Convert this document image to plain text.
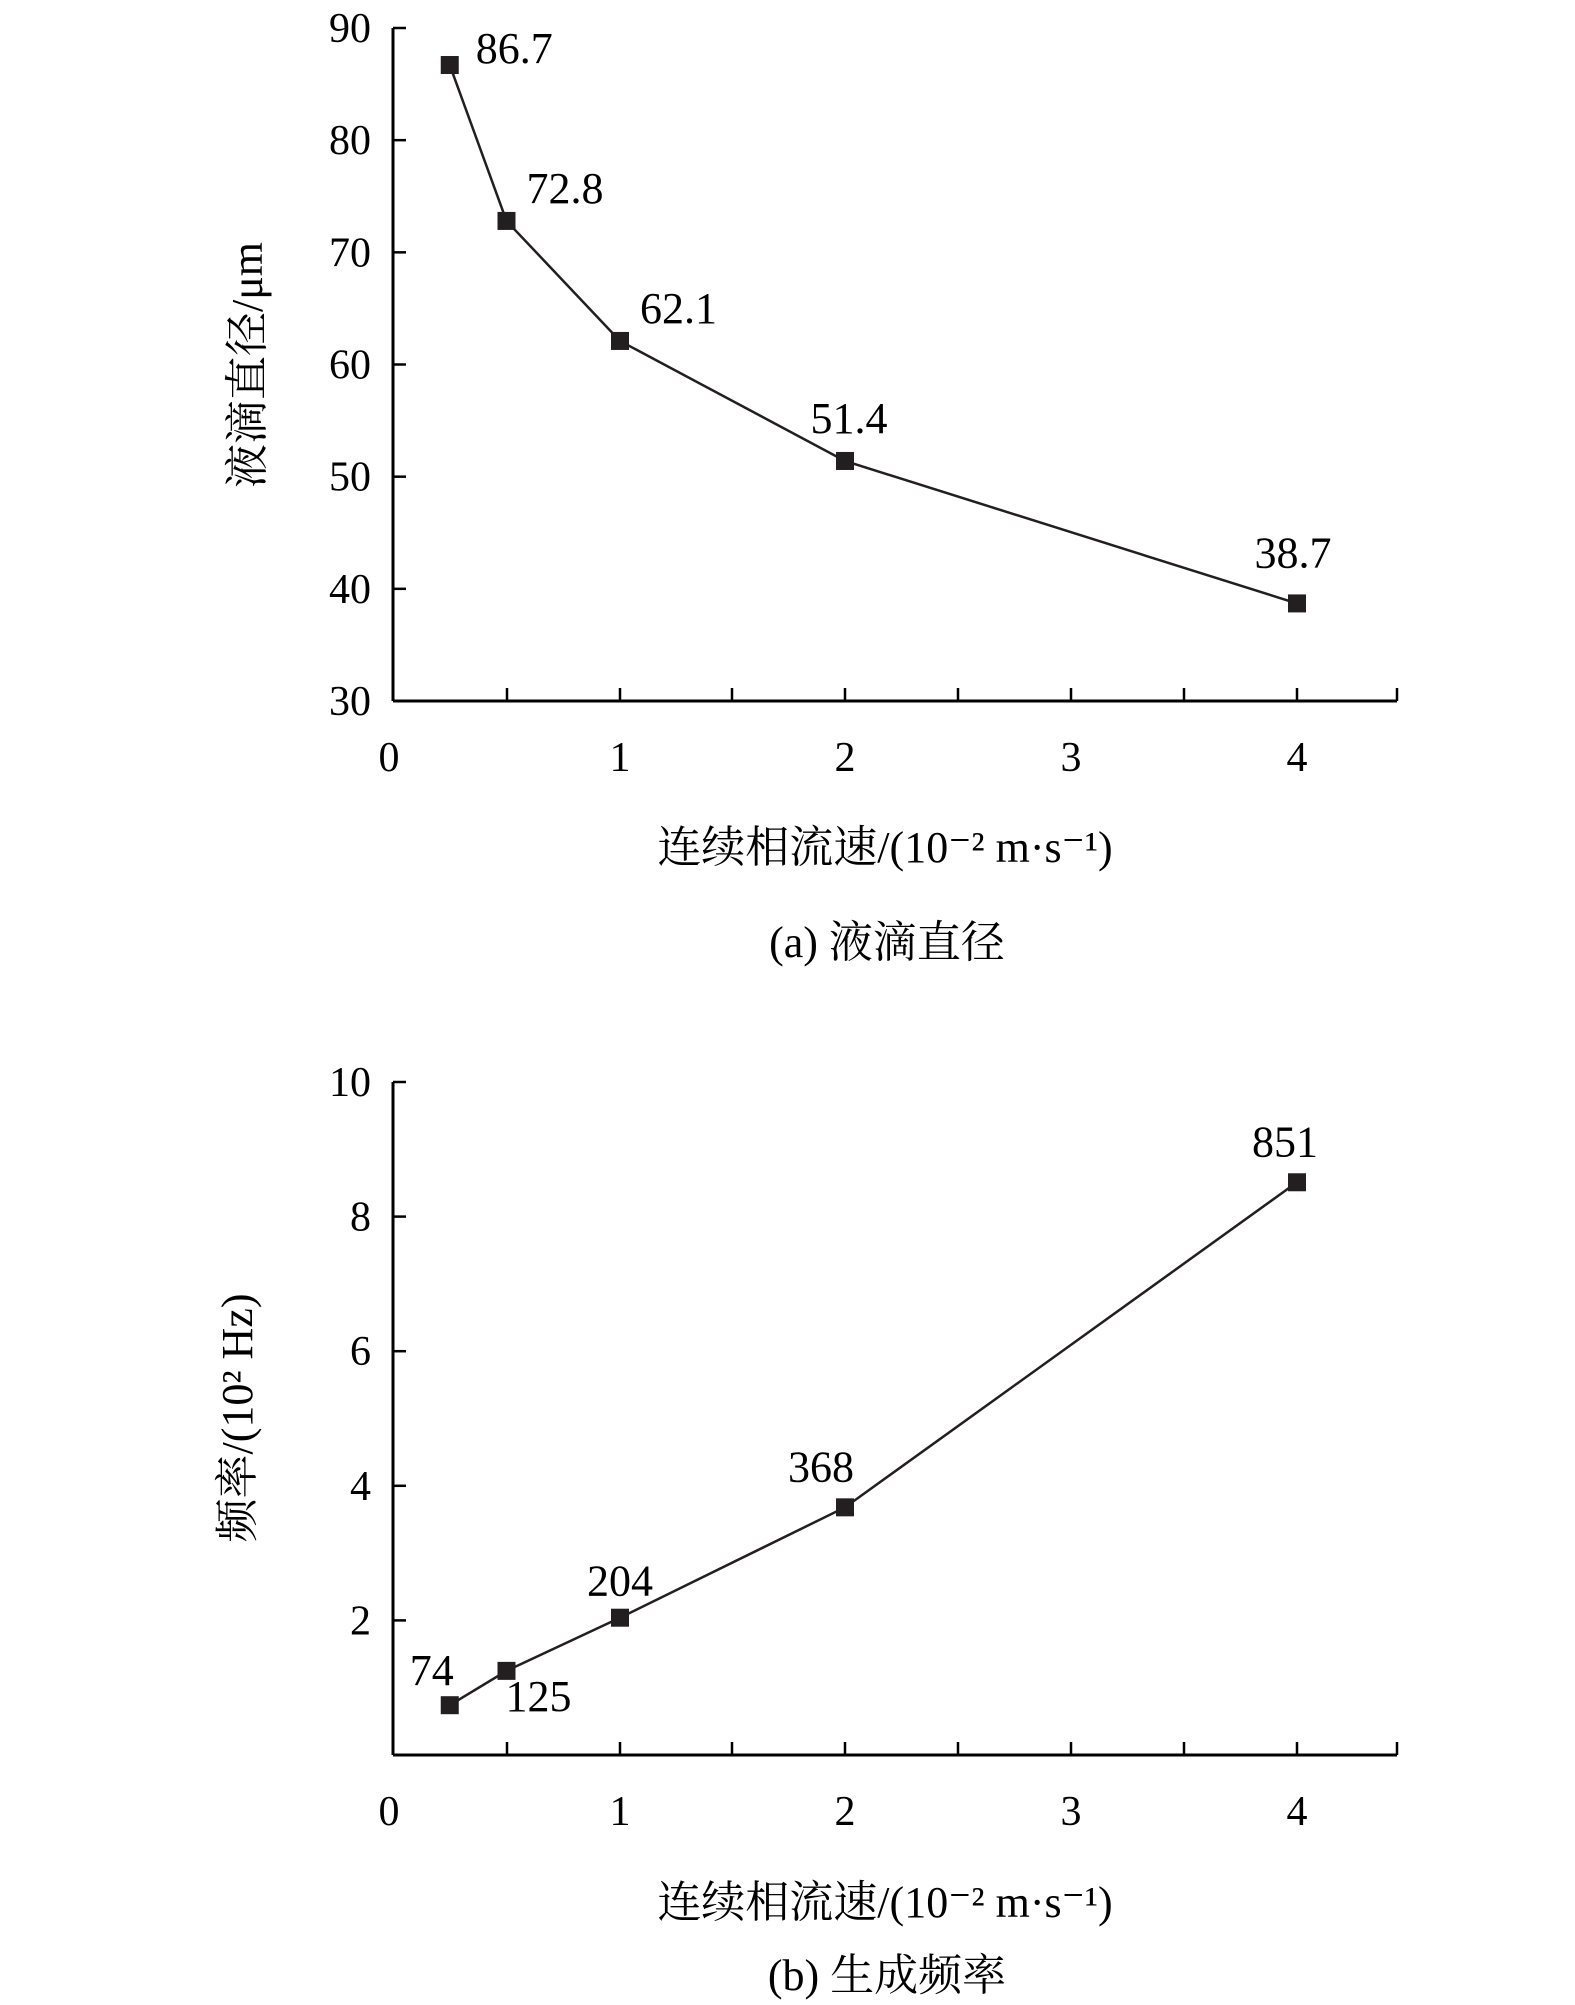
30
40
50
60
70
80
90
0	1	2	3	4
86.7
72.8
62.1
51.4
38.7
液滴直径/μm
连续相流速/(10⁻² m·s⁻¹)
(a) 液滴直径
2
4
6
8
10
0	1	2	3	4
74
125
204
368
851
频率/(10² Hz)
连续相流速/(10⁻² m·s⁻¹)
(b) 生成频率
